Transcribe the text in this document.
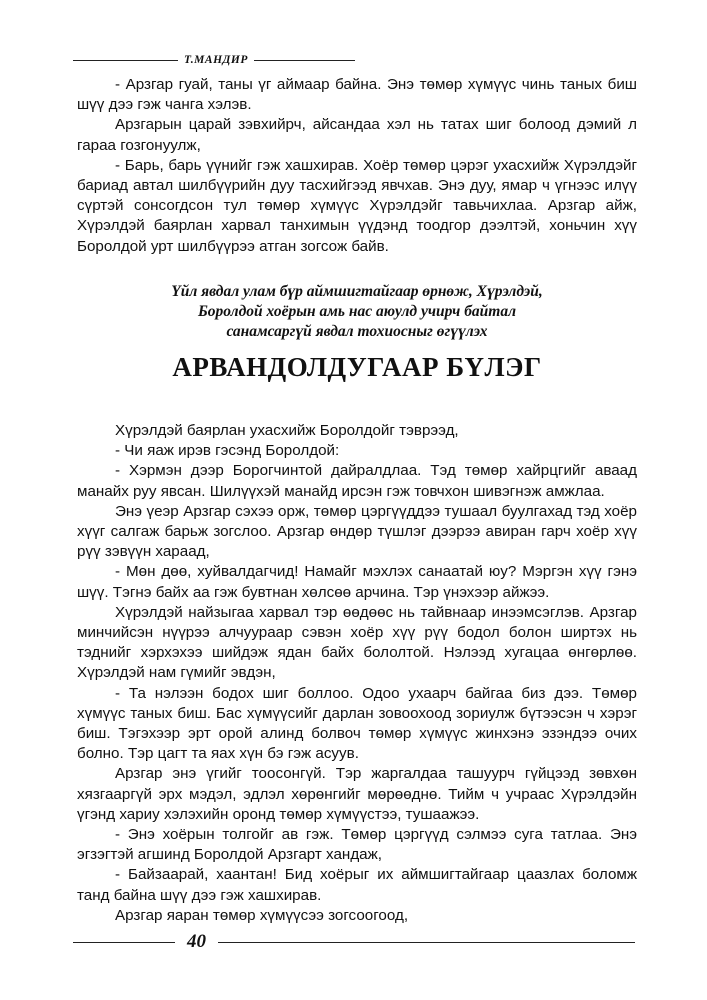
Т.МАНДИР

- Арзгар гуай, таны үг аймаар байна. Энэ төмөр хүмүүс чинь таных биш шүү дээ гэж чанга хэлэв.

Арзгарын царай зэвхийрч, айсандаа хэл нь татах шиг болоод дэмий л гараа гозгонуулж,

- Барь, барь үүнийг гэж хашхирав. Хоёр төмөр цэрэг ухасхийж Хүрэлдэйг бариад автал шилбүүрийн дуу тасхийгээд явчхав. Энэ дуу, ямар ч үгнээс илүү сүртэй сонсогдсон тул төмөр хүмүүс Хүрэлдэйг тавьчихлаа. Арзгар айж, Хүрэлдэй баярлан харвал танхимын үүдэнд тоодгор дээлтэй, хоньчин хүү Боролдой урт шилбүүрээ атган зогсож байв.

Үйл явдал улам бүр аймшигтайгаар өрнөж, Хүрэлдэй,
Боролдой хоёрын амь нас аюулд учирч байтал
санамсаргүй явдал тохиосныг өгүүлэх
АРВАНДОЛДУГААР БҮЛЭГ

Хүрэлдэй баярлан ухасхийж Боролдойг тэврээд,

- Чи яаж ирэв гэсэнд Боролдой:

- Хэрмэн дээр Борогчинтой дайралдлаа. Тэд төмөр хайрцгийг аваад манайх руу явсан. Шилүүхэй манайд ирсэн гэж товчхон шивэгнэж амжлаа.

Энэ үеэр Арзгар сэхээ орж, төмөр цэргүүддээ тушаал буулгахад тэд хоёр хүүг салгаж барьж зогслоо. Арзгар өндөр түшлэг дээрээ авиран гарч хоёр хүү рүү зэвүүн хараад,

- Мөн дөө, хуйвалдагчид! Намайг мэхлэх санаатай юу? Мэргэн хүү гэнэ шүү. Тэгнэ байх аа гэж бувтнан хөлсөө арчина. Тэр үнэхээр айжээ.

Хүрэлдэй найзыгаа харвал тэр өөдөөс нь тайвнаар инээмсэглэв. Арзгар минчийсэн нүүрээ алчуураар сэвэн хоёр хүү рүү бодол болон ширтэх нь тэднийг хэрхэхээ шийдэж ядан байх бололтой. Нэлээд хугацаа өнгөрлөө. Хүрэлдэй нам гүмийг эвдэн,

- Та нэлээн бодох шиг боллоо. Одоо ухаарч байгаа биз дээ. Төмөр хүмүүс таных биш. Бас хүмүүсийг дарлан зовоохоод зориулж бүтээсэн ч хэрэг биш. Тэгэхээр эрт орой алинд болвоч төмөр хүмүүс жинхэнэ эзэндээ очих болно. Тэр цагт та яах хүн бэ гэж асуув.

Арзгар энэ үгийг тоосонгүй. Тэр жаргалдаа ташуурч гүйцээд зөвхөн хязгааргүй эрх мэдэл, эдлэл хөрөнгийг мөрөөднө. Тийм ч учраас Хүрэлдэйн үгэнд хариу хэлэхийн оронд төмөр хүмүүстээ, тушаажээ.

- Энэ хоёрын толгойг ав гэж. Төмөр цэргүүд сэлмээ суга татлаа. Энэ эгзэгтэй агшинд Боролдой Арзгарт хандаж,

- Байзаарай, хаантан! Бид хоёрыг их аймшигтайгаар цаазлах боломж танд байна шүү дээ гэж хашхирав.

Арзгар яаран төмөр хүмүүсээ зогсоогоод,

40
